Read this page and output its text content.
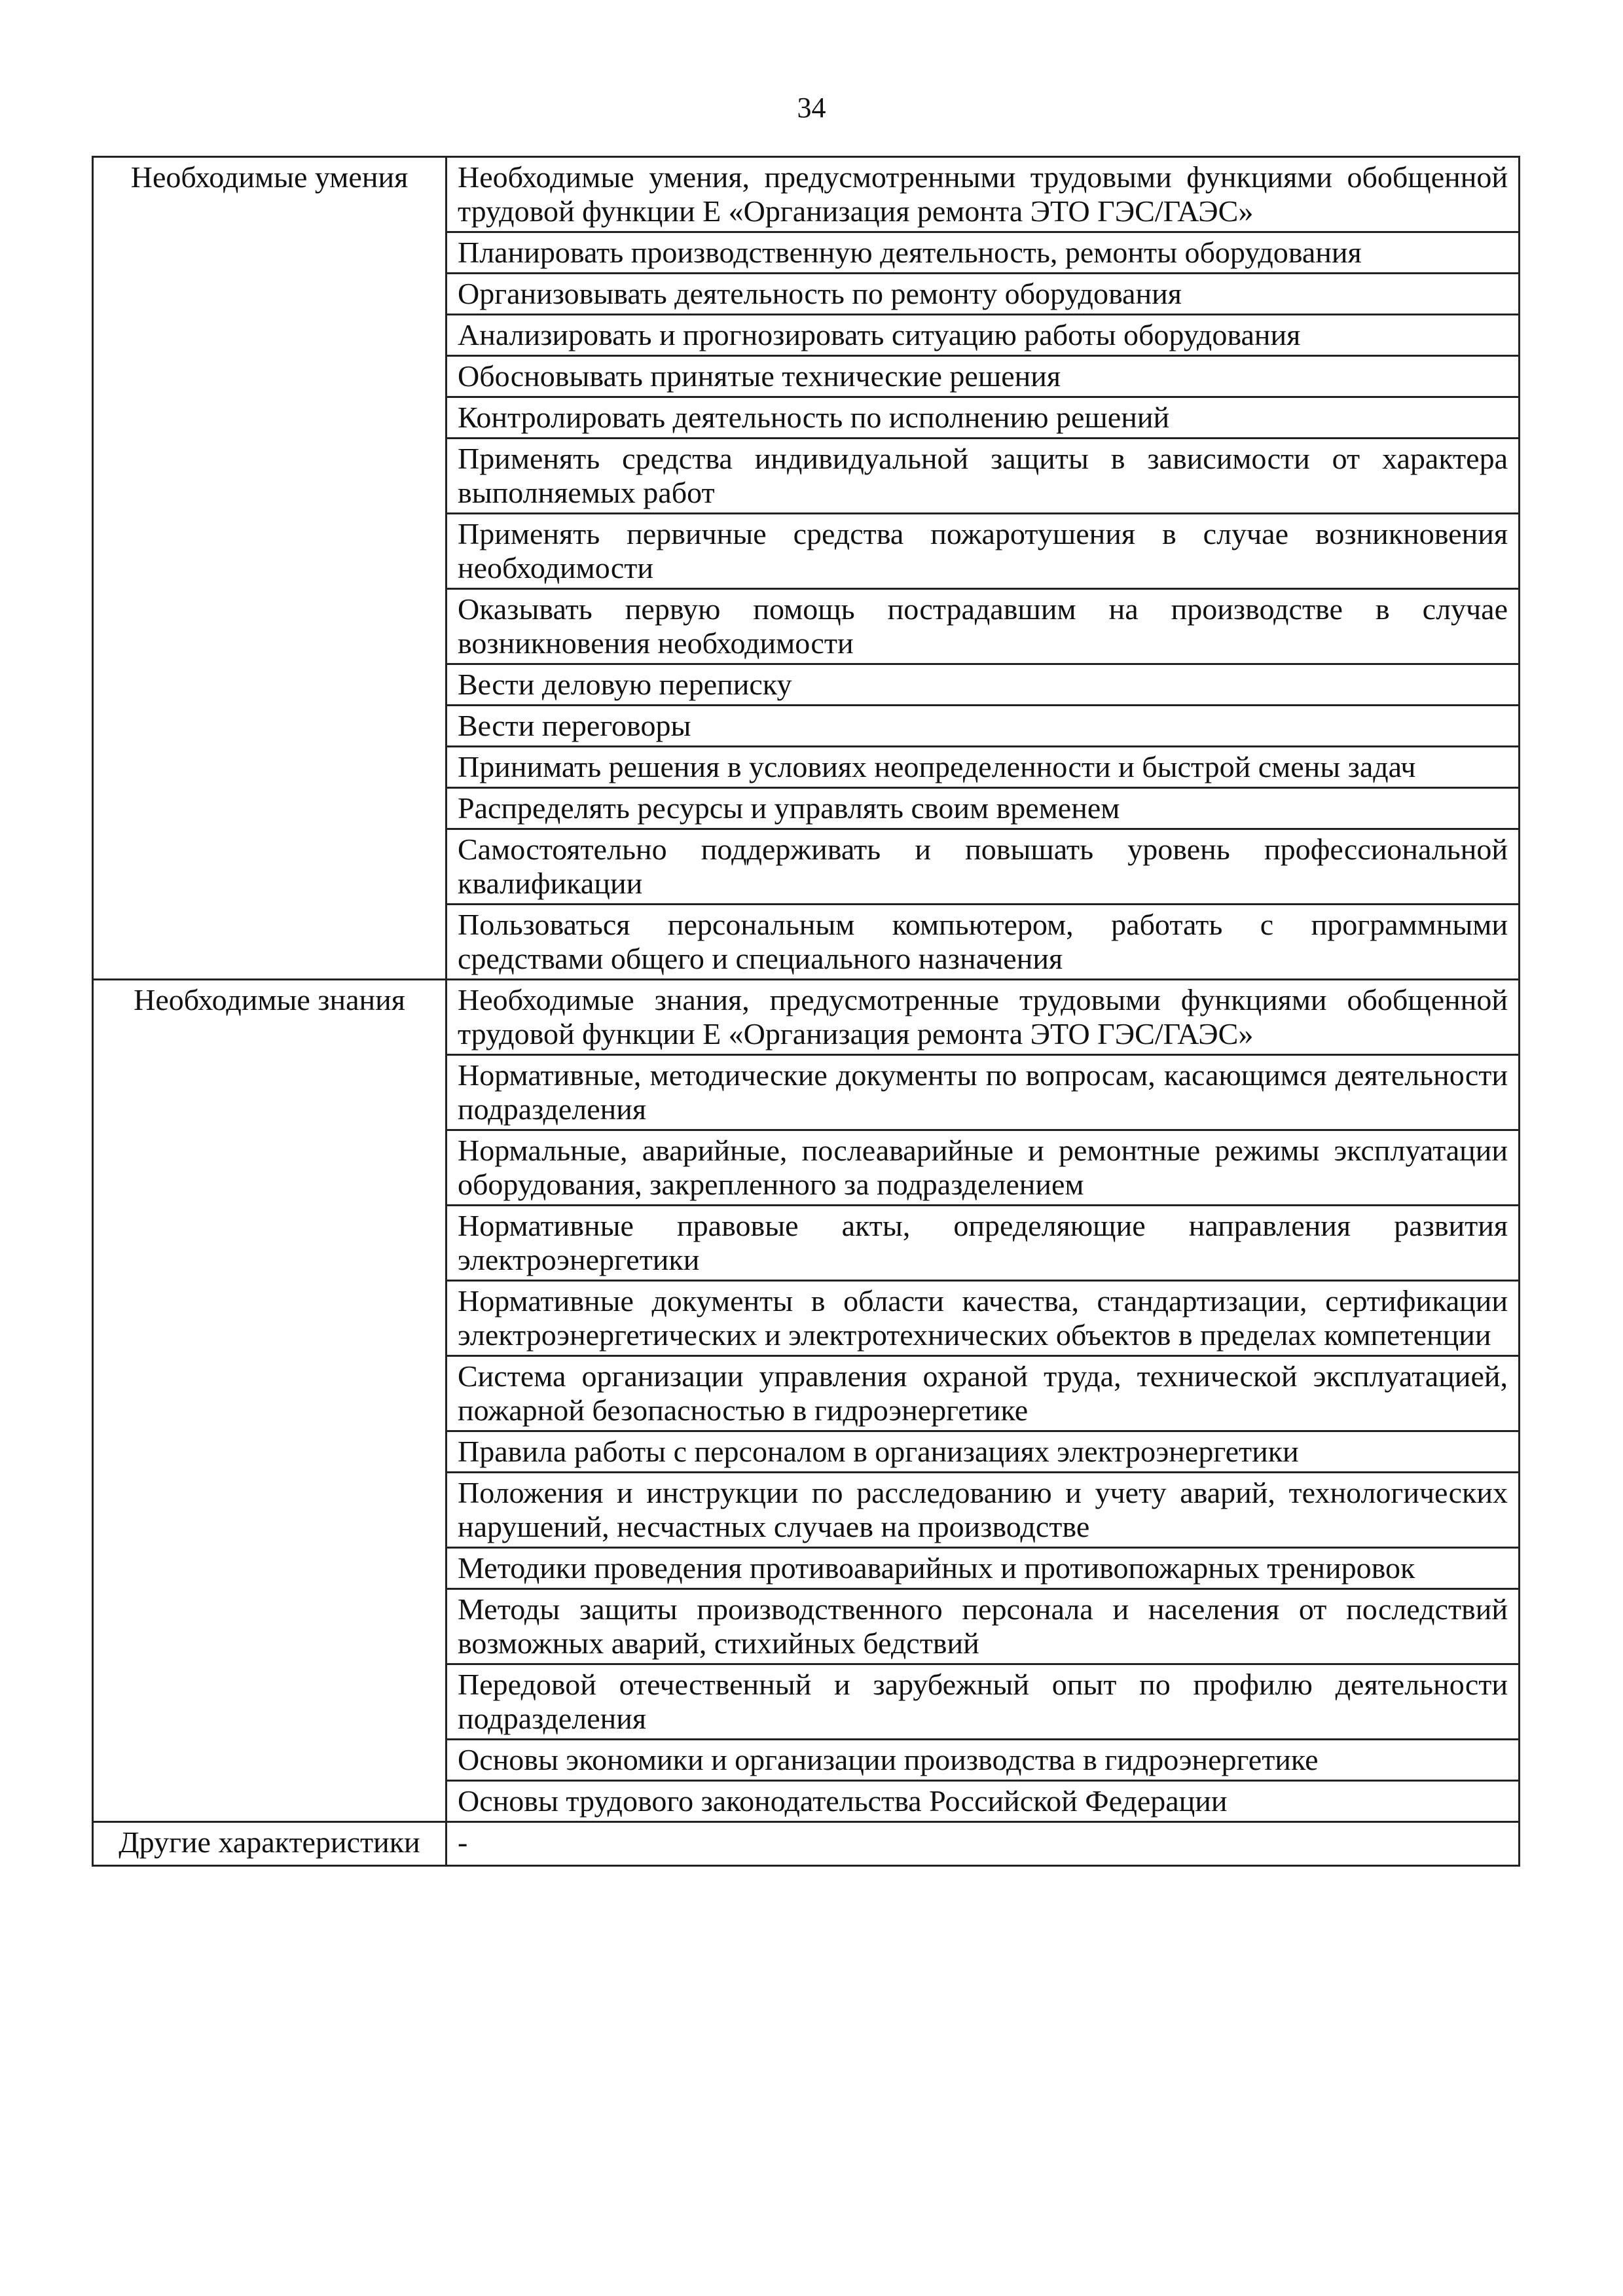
34
Необходимые умения	Необходимые умения, предусмотренными трудовыми функциями обобщенной трудовой функции E «Организация ремонта ЭТО ГЭС/ГАЭС»
	Планировать производственную деятельность, ремонты оборудования
	Организовывать деятельность по ремонту оборудования
	Анализировать и прогнозировать ситуацию работы оборудования
	Обосновывать принятые технические решения
	Контролировать деятельность по исполнению решений
	Применять средства индивидуальной защиты в зависимости от характера выполняемых работ
	Применять первичные средства пожаротушения в случае возникновения необходимости
	Оказывать первую помощь пострадавшим на производстве в случае возникновения необходимости
	Вести деловую переписку
	Вести переговоры
	Принимать решения в условиях неопределенности и быстрой смены задач
	Распределять ресурсы и управлять своим временем
	Самостоятельно поддерживать и повышать уровень профессиональной квалификации
	Пользоваться персональным компьютером, работать с программными средствами общего и специального назначения
Необходимые знания	Необходимые знания, предусмотренные трудовыми функциями обобщенной трудовой функции E «Организация ремонта ЭТО ГЭС/ГАЭС»
	Нормативные, методические документы по вопросам, касающимся деятельности подразделения
	Нормальные, аварийные, послеаварийные и ремонтные режимы эксплуатации оборудования, закрепленного за подразделением
	Нормативные правовые акты, определяющие направления развития электроэнергетики
	Нормативные документы в области качества, стандартизации, сертификации электроэнергетических и электротехнических объектов в пределах компетенции
	Система организации управления охраной труда, технической эксплуатацией, пожарной безопасностью в гидроэнергетике
	Правила работы с персоналом в организациях электроэнергетики
	Положения и инструкции по расследованию и учету аварий, технологических нарушений, несчастных случаев на производстве
	Методики проведения противоаварийных и противопожарных тренировок
	Методы защиты производственного персонала и населения от последствий возможных аварий, стихийных бедствий
	Передовой отечественный и зарубежный опыт по профилю деятельности подразделения
	Основы экономики и организации производства в гидроэнергетике
	Основы трудового законодательства Российской Федерации
Другие характеристики	-
